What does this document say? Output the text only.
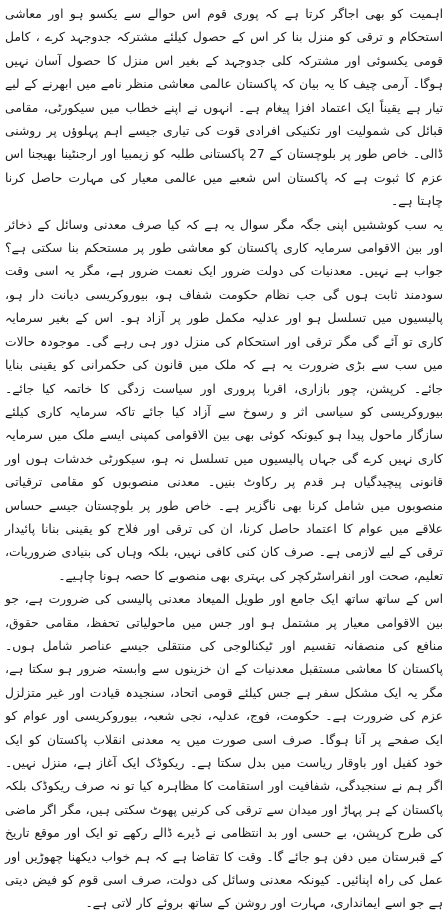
اہمیت کو بھی اجاگر کرتا ہے کہ پوری قوم اس حوالے سے یکسو ہو اور معاشی استحکام و ترقی کو منزل بنا کر اس کے حصول کیلئے مشترکہ جدوجہد کرے ، کامل قومی یکسوئی اور مشترکہ کلی جدوجہد کے بغیر اس منزل کا حصول آسان نہیں ہوگا۔ آرمی چیف کا یہ بیان کہ پاکستان عالمی معاشی منظر نامے میں ابھرنے کے لیے تیار ہے یقیناً ایک اعتماد افزا پیغام ہے۔ انہوں نے اپنے خطاب میں سیکورٹی، مقامی قبائل کی شمولیت اور تکنیکی افرادی قوت کی تیاری جیسے اہم پہلوؤں پر روشنی ڈالی۔ خاص طور پر بلوچستان کے 27 پاکستانی طلبہ کو زیمبیا اور ارجنٹینا بھیجنا اس عزم کا ثبوت ہے کہ پاکستان اس شعبے میں عالمی معیار کی مہارت حاصل کرنا چاہتا ہے۔

یہ سب کوششیں اپنی جگہ مگر سوال یہ ہے کہ کیا صرف معدنی وسائل کے ذخائر اور بین الاقوامی سرمایہ کاری پاکستان کو معاشی طور پر مستحکم بنا سکتی ہے؟ جواب ہے نہیں۔ معدنیات کی دولت ضرور ایک نعمت ضرور ہے، مگر یہ اسی وقت سودمند ثابت ہوں گی جب نظام حکومت شفاف ہو، بیوروکریسی دیانت دار ہو، پالیسیوں میں تسلسل ہو اور عدلیہ مکمل طور پر آزاد ہو۔ اس کے بغیر سرمایہ کاری تو آئے گی مگر ترقی اور استحکام کی منزل دور ہی رہے گی۔ موجودہ حالات میں سب سے بڑی ضرورت یہ ہے کہ ملک میں قانون کی حکمرانی کو یقینی بنایا جائے۔ کرپشن، چور بازاری، اقربا پروری اور سیاست زدگی کا خاتمہ کیا جائے۔ بیوروکریسی کو سیاسی اثر و رسوخ سے آزاد کیا جائے تاکہ سرمایہ کاری کیلئے سازگار ماحول پیدا ہو کیونکہ کوئی بھی بین الاقوامی کمپنی ایسے ملک میں سرمایہ کاری نہیں کرے گی جہاں پالیسیوں میں تسلسل نہ ہو، سیکورٹی خدشات ہوں اور قانونی پیچیدگیاں ہر قدم پر رکاوٹ بنیں۔ معدنی منصوبوں کو مقامی ترقیاتی منصوبوں میں شامل کرنا بھی ناگزیر ہے۔ خاص طور پر بلوچستان جیسے حساس علاقے میں عوام کا اعتماد حاصل کرنا، ان کی ترقی اور فلاح کو یقینی بنانا پائیدار ترقی کے لیے لازمی ہے۔ صرف کان کنی کافی نہیں، بلکہ وہاں کی بنیادی ضروریات، تعلیم، صحت اور انفراسٹرکچر کی بہتری بھی منصوبے کا حصہ ہونا چاہیے۔

اس کے ساتھ ساتھ ایک جامع اور طویل المیعاد معدنی پالیسی کی ضرورت ہے، جو بین الاقوامی معیار پر مشتمل ہو اور جس میں ماحولیاتی تحفظ، مقامی حقوق، منافع کی منصفانہ تقسیم اور ٹیکنالوجی کی منتقلی جیسے عناصر شامل ہوں۔ پاکستان کا معاشی مستقبل معدنیات کے ان خزینوں سے وابستہ ضرور ہو سکتا ہے، مگر یہ ایک مشکل سفر ہے جس کیلئے قومی اتحاد، سنجیدہ قیادت اور غیر متزلزل عزم کی ضرورت ہے۔ حکومت، فوج، عدلیہ، نجی شعبہ، بیوروکریسی اور عوام کو ایک صفحے پر آنا ہوگا۔ صرف اسی صورت میں یہ معدنی انقلاب پاکستان کو ایک خود کفیل اور باوقار ریاست میں بدل سکتا ہے۔ ریکوڈک ایک آغاز ہے، منزل نہیں۔ اگر ہم نے سنجیدگی، شفافیت اور استقامت کا مظاہرہ کیا تو نہ صرف ریکوڈک بلکہ پاکستان کے ہر پہاڑ اور میدان سے ترقی کی کرنیں پھوٹ سکتی ہیں، مگر اگر ماضی کی طرح کرپشن، بے حسی اور بد انتظامی نے ڈیرے ڈالے رکھے تو ایک اور موقع تاریخ کے قبرستان میں دفن ہو جائے گا۔ وقت کا تقاضا ہے کہ ہم خواب دیکھنا چھوڑیں اور عمل کی راہ اپنائیں۔ کیونکہ معدنی وسائل کی دولت، صرف اسی قوم کو فیض دیتی ہے جو اسے ایمانداری، مہارت اور روشن کے ساتھ بروئے کار لاتی ہے۔
